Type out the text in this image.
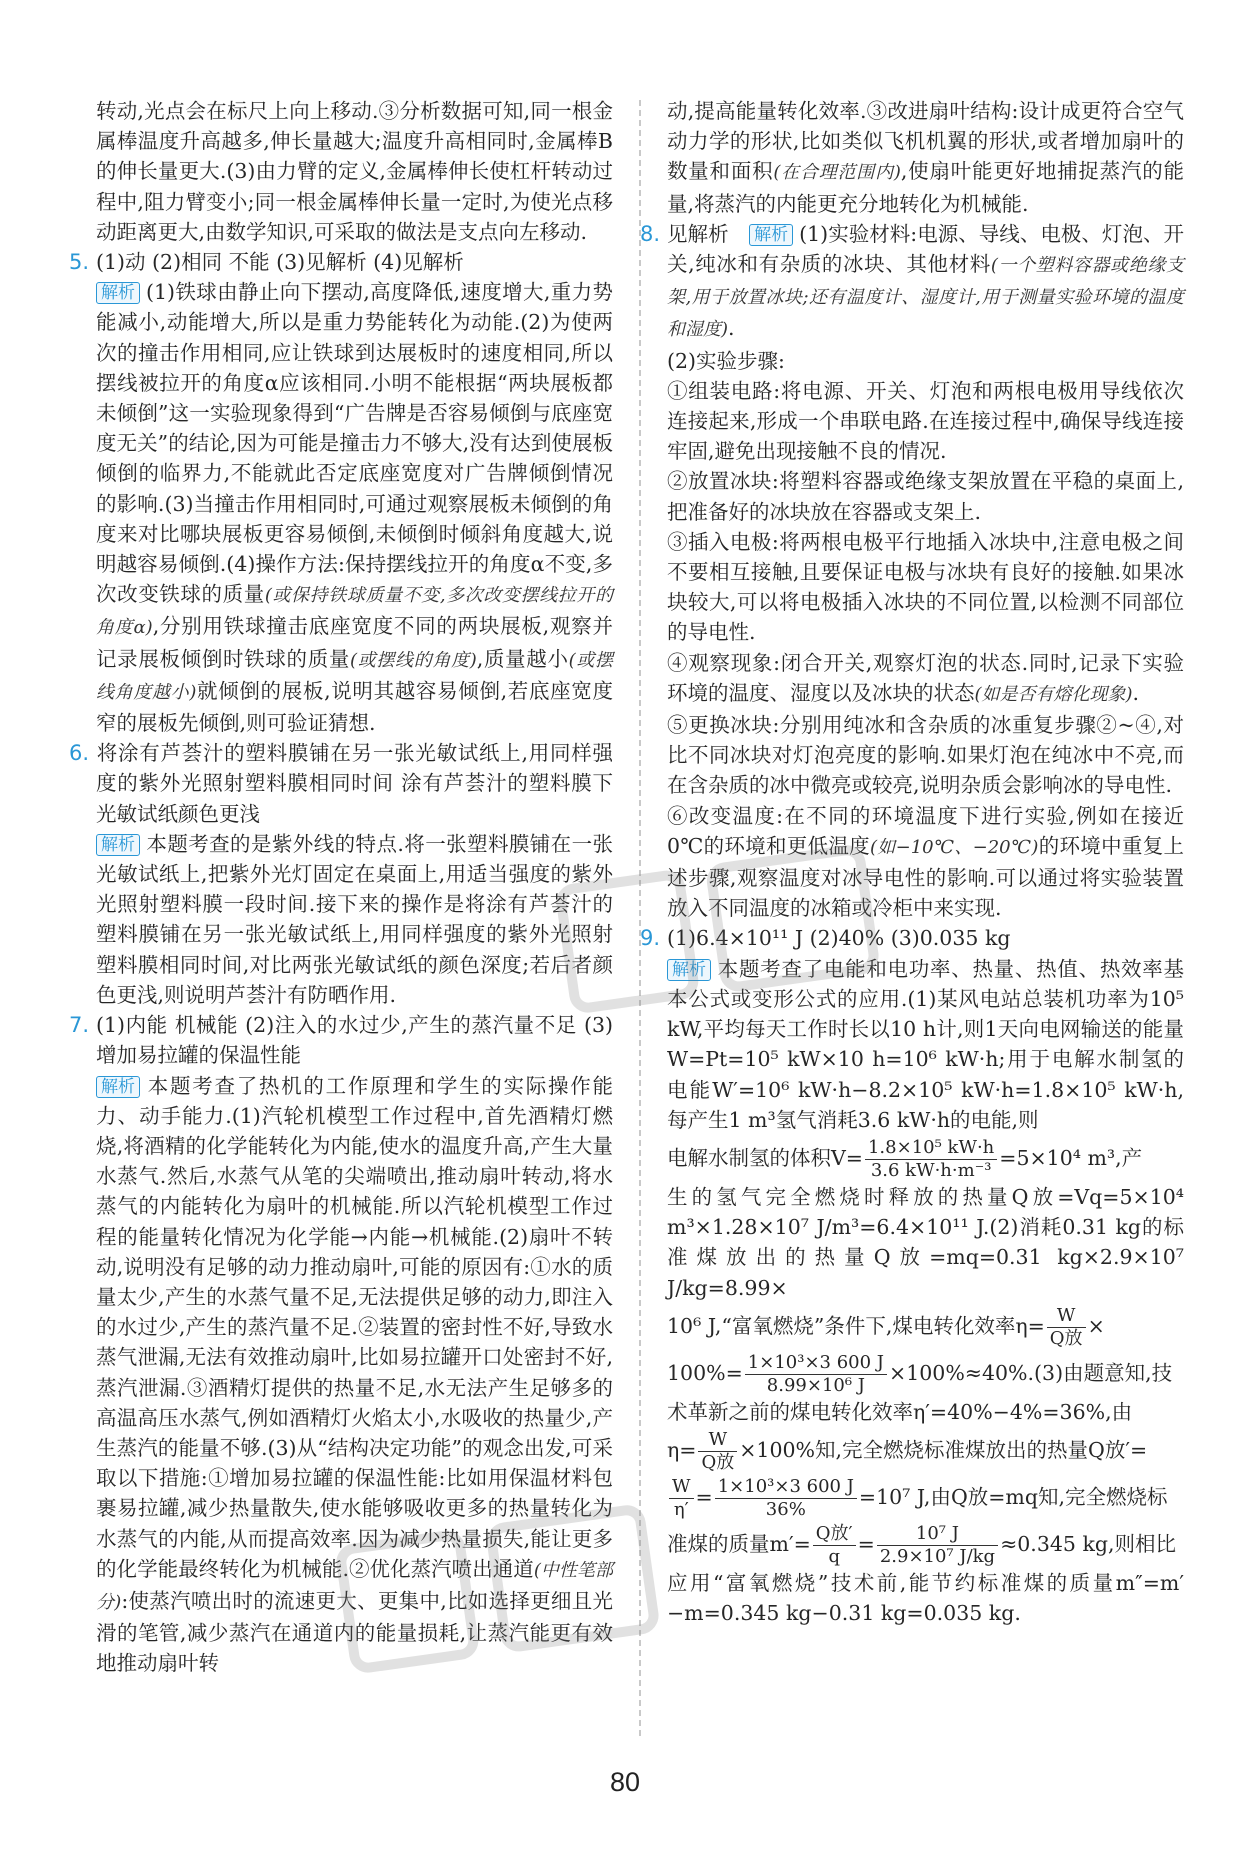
转动,光点会在标尺上向上移动.③分析数据可知,同一根金属棒温度升高越多,伸长量越大;温度升高相同时,金属棒B的伸长量更大.(3)由力臂的定义,金属棒伸长使杠杆转动过程中,阻力臂变小;同一根金属棒伸长量一定时,为使光点移动距离更大,由数学知识,可采取的做法是支点向左移动.

5. (1)动 (2)相同 不能 (3)见解析 (4)见解析

解析 (1)铁球由静止向下摆动,高度降低,速度增大,重力势能减小,动能增大,所以是重力势能转化为动能.(2)为使两次的撞击作用相同,应让铁球到达展板时的速度相同,所以摆线被拉开的角度α应该相同.小明不能根据“两块展板都未倾倒”这一实验现象得到“广告牌是否容易倾倒与底座宽度无关”的结论,因为可能是撞击力不够大,没有达到使展板倾倒的临界力,不能就此否定底座宽度对广告牌倾倒情况的影响.(3)当撞击作用相同时,可通过观察展板未倾倒的角度来对比哪块展板更容易倾倒,未倾倒时倾斜角度越大,说明越容易倾倒.(4)操作方法:保持摆线拉开的角度α不变,多次改变铁球的质量(或保持铁球质量不变,多次改变摆线拉开的角度α),分别用铁球撞击底座宽度不同的两块展板,观察并记录展板倾倒时铁球的质量(或摆线的角度),质量越小(或摆线角度越小)就倾倒的展板,说明其越容易倾倒,若底座宽度窄的展板先倾倒,则可验证猜想.

6. 将涂有芦荟汁的塑料膜铺在另一张光敏试纸上,用同样强度的紫外光照射塑料膜相同时间 涂有芦荟汁的塑料膜下光敏试纸颜色更浅

解析 本题考查的是紫外线的特点.将一张塑料膜铺在一张光敏试纸上,把紫外光灯固定在桌面上,用适当强度的紫外光照射塑料膜一段时间.接下来的操作是将涂有芦荟汁的塑料膜铺在另一张光敏试纸上,用同样强度的紫外光照射塑料膜相同时间,对比两张光敏试纸的颜色深度;若后者颜色更浅,则说明芦荟汁有防晒作用.

7. (1)内能 机械能 (2)注入的水过少,产生的蒸汽量不足 (3)增加易拉罐的保温性能

解析 本题考查了热机的工作原理和学生的实际操作能力、动手能力.(1)汽轮机模型工作过程中,首先酒精灯燃烧,将酒精的化学能转化为内能,使水的温度升高,产生大量水蒸气.然后,水蒸气从笔的尖端喷出,推动扇叶转动,将水蒸气的内能转化为扇叶的机械能.所以汽轮机模型工作过程的能量转化情况为化学能→内能→机械能.(2)扇叶不转动,说明没有足够的动力推动扇叶,可能的原因有:①水的质量太少,产生的水蒸气量不足,无法提供足够的动力,即注入的水过少,产生的蒸汽量不足.②装置的密封性不好,导致水蒸气泄漏,无法有效推动扇叶,比如易拉罐开口处密封不好,蒸汽泄漏.③酒精灯提供的热量不足,水无法产生足够多的高温高压水蒸气,例如酒精灯火焰太小,水吸收的热量少,产生蒸汽的能量不够.(3)从“结构决定功能”的观念出发,可采取以下措施:①增加易拉罐的保温性能:比如用保温材料包裹易拉罐,减少热量散失,使水能够吸收更多的热量转化为水蒸气的内能,从而提高效率.因为减少热量损失,能让更多的化学能最终转化为机械能.②优化蒸汽喷出通道(中性笔部分):使蒸汽喷出时的流速更大、更集中,比如选择更细且光滑的笔管,减少蒸汽在通道内的能量损耗,让蒸汽能更有效地推动扇叶转

动,提高能量转化效率.③改进扇叶结构:设计成更符合空气动力学的形状,比如类似飞机机翼的形状,或者增加扇叶的数量和面积(在合理范围内),使扇叶能更好地捕捉蒸汽的能量,将蒸汽的内能更充分地转化为机械能.

8. 见解析 解析 (1)实验材料:电源、导线、电极、灯泡、开关,纯冰和有杂质的冰块、其他材料(一个塑料容器或绝缘支架,用于放置冰块;还有温度计、湿度计,用于测量实验环境的温度和湿度).

(2)实验步骤:

①组装电路:将电源、开关、灯泡和两根电极用导线依次连接起来,形成一个串联电路.在连接过程中,确保导线连接牢固,避免出现接触不良的情况.

②放置冰块:将塑料容器或绝缘支架放置在平稳的桌面上,把准备好的冰块放在容器或支架上.

③插入电极:将两根电极平行地插入冰块中,注意电极之间不要相互接触,且要保证电极与冰块有良好的接触.如果冰块较大,可以将电极插入冰块的不同位置,以检测不同部位的导电性.

④观察现象:闭合开关,观察灯泡的状态.同时,记录下实验环境的温度、湿度以及冰块的状态(如是否有熔化现象).

⑤更换冰块:分别用纯冰和含杂质的冰重复步骤②~④,对比不同冰块对灯泡亮度的影响.如果灯泡在纯冰中不亮,而在含杂质的冰中微亮或较亮,说明杂质会影响冰的导电性.

⑥改变温度:在不同的环境温度下进行实验,例如在接近0℃的环境和更低温度(如−10℃、−20℃)的环境中重复上述步骤,观察温度对冰导电性的影响.可以通过将实验装置放入不同温度的冰箱或冷柜中来实现.

9. (1)6.4×10¹¹ J (2)40% (3)0.035 kg

解析 本题考查了电能和电功率、热量、热值、热效率基本公式或变形公式的应用.(1)某风电站总装机功率为10⁵ kW,平均每天工作时长以10 h计,则1天向电网输送的能量W=Pt=10⁵ kW×10 h=10⁶ kW·h;用于电解水制氢的电能W′=10⁶ kW·h−8.2×10⁵ kW·h=1.8×10⁵ kW·h,每产生1 m³氢气消耗3.6 kW·h的电能,则

电解水制氢的体积$V= \frac{\text{1.8×10⁵ kW·h}}{\text{3.6 kW·h·m⁻³}} =5\times 10^4$ m³,产

生的氢气完全燃烧时释放的热量Q放=Vq=5×10⁴ m³×1.28×10⁷ J/m³=6.4×10¹¹ J.(2)消耗0.31 kg的标准煤放出的热量Q放=mq=0.31 kg×2.9×10⁷ J/kg=8.99×

10⁶ J,“富氧燃烧”条件下,煤电转化效率$\eta= \frac{W}{\text{Q放}}$ ×

$100\%= \frac{\text{1×10³×3 600 J}}{\text{8.99×10⁶ J}} \times 100\%\approx 40\%.(3)$由题意知,技

术革新之前的煤电转化效率η′=40%−4%=36%,由

$\eta= \frac{W}{\text{Q放}} \times 100\%$知,完全燃烧标准煤放出的热量Q放′=

$\frac{W}{\eta'} = \frac{\text{1×10³×3 600 J}}{36\%} =10^7$ J,由Q放=mq知,完全燃烧标

准煤的质量$m'= \frac{\text{Q放′}}{q} = \frac{\text{10⁷ J}}{\text{2.9×10⁷ J/kg}} \approx 0.345$ kg,则相比

应用“富氧燃烧”技术前,能节约标准煤的质量m″=m′−m=0.345 kg−0.31 kg=0.035 kg.

80
